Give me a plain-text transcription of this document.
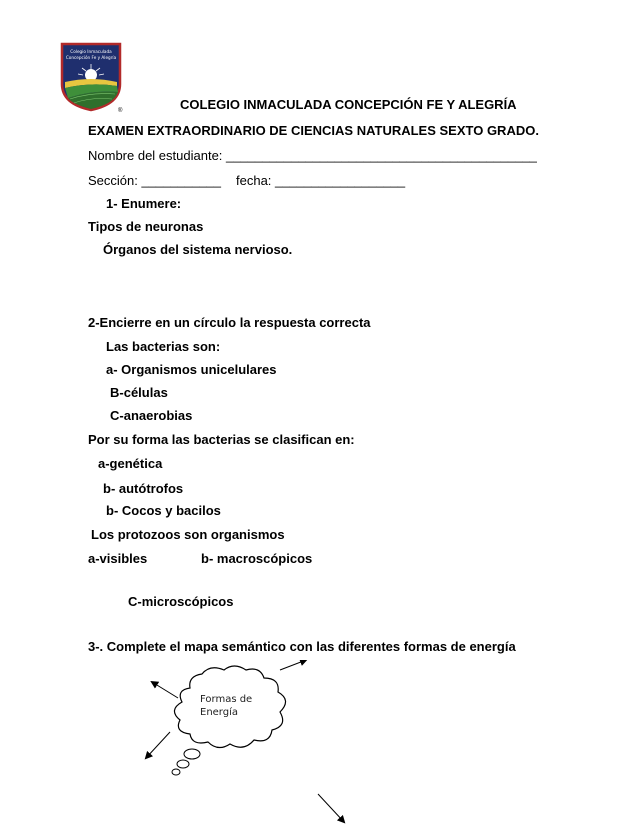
Colegio Inmaculada
Concepción Fe y Alegría
®	COLEGIO INMACULADA CONCEPCIÓN FE Y ALEGRÍA
EXAMEN EXTRAORDINARIO DE CIENCIAS NATURALES SEXTO GRADO.
Nombre del estudiante: ___________________________________________
Sección: ___________ fecha: __________________
1- Enumere:
Tipos de neuronas
Órganos del sistema nervioso.
2-Encierre en un círculo la respuesta correcta
Las bacterias son:
a- Organismos unicelulares
B-células
C-anaerobias
Por su forma las bacterias se clasifican en:
a-genética
b- autótrofos
b- Cocos y bacilos
Los protozoos son organismos
a-visibles	b- macroscópicos
C-microscópicos
3-. Complete el mapa semántico con las diferentes formas de energía
Formas de
Energía
